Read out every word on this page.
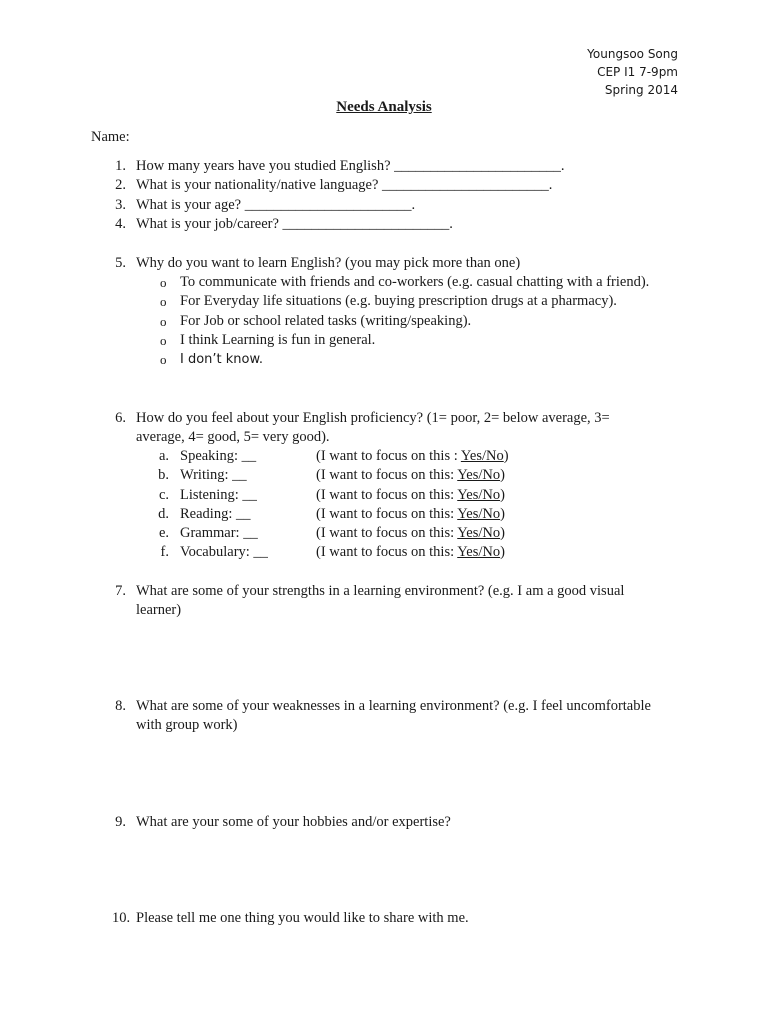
Youngsoo Song
CEP I1 7-9pm
Spring 2014
Needs Analysis
Name:
1. How many years have you studied English? _______________________.
2. What is your nationality/native language? _______________________.
3. What is your age? _______________________.
4. What is your job/career? _______________________.
5. Why do you want to learn English? (you may pick more than one)
o To communicate with friends and co-workers (e.g. casual chatting with a friend).
o For Everyday life situations (e.g. buying prescription drugs at a pharmacy).
o For Job or school related tasks (writing/speaking).
o I think Learning is fun in general.
o I don’t know.
6. How do you feel about your English proficiency? (1= poor, 2= below average, 3=
average, 4= good, 5= very good).
a. Speaking: __	(I want to focus on this : Yes/No)
b. Writing: __	(I want to focus on this: Yes/No)
c. Listening: __	(I want to focus on this: Yes/No)
d. Reading: __	(I want to focus on this: Yes/No)
e. Grammar: __	(I want to focus on this: Yes/No)
f. Vocabulary: __	(I want to focus on this: Yes/No)
7. What are some of your strengths in a learning environment? (e.g. I am a good visual
learner)
8. What are some of your weaknesses in a learning environment? (e.g. I feel uncomfortable
with group work)
9. What are your some of your hobbies and/or expertise?
10. Please tell me one thing you would like to share with me.
